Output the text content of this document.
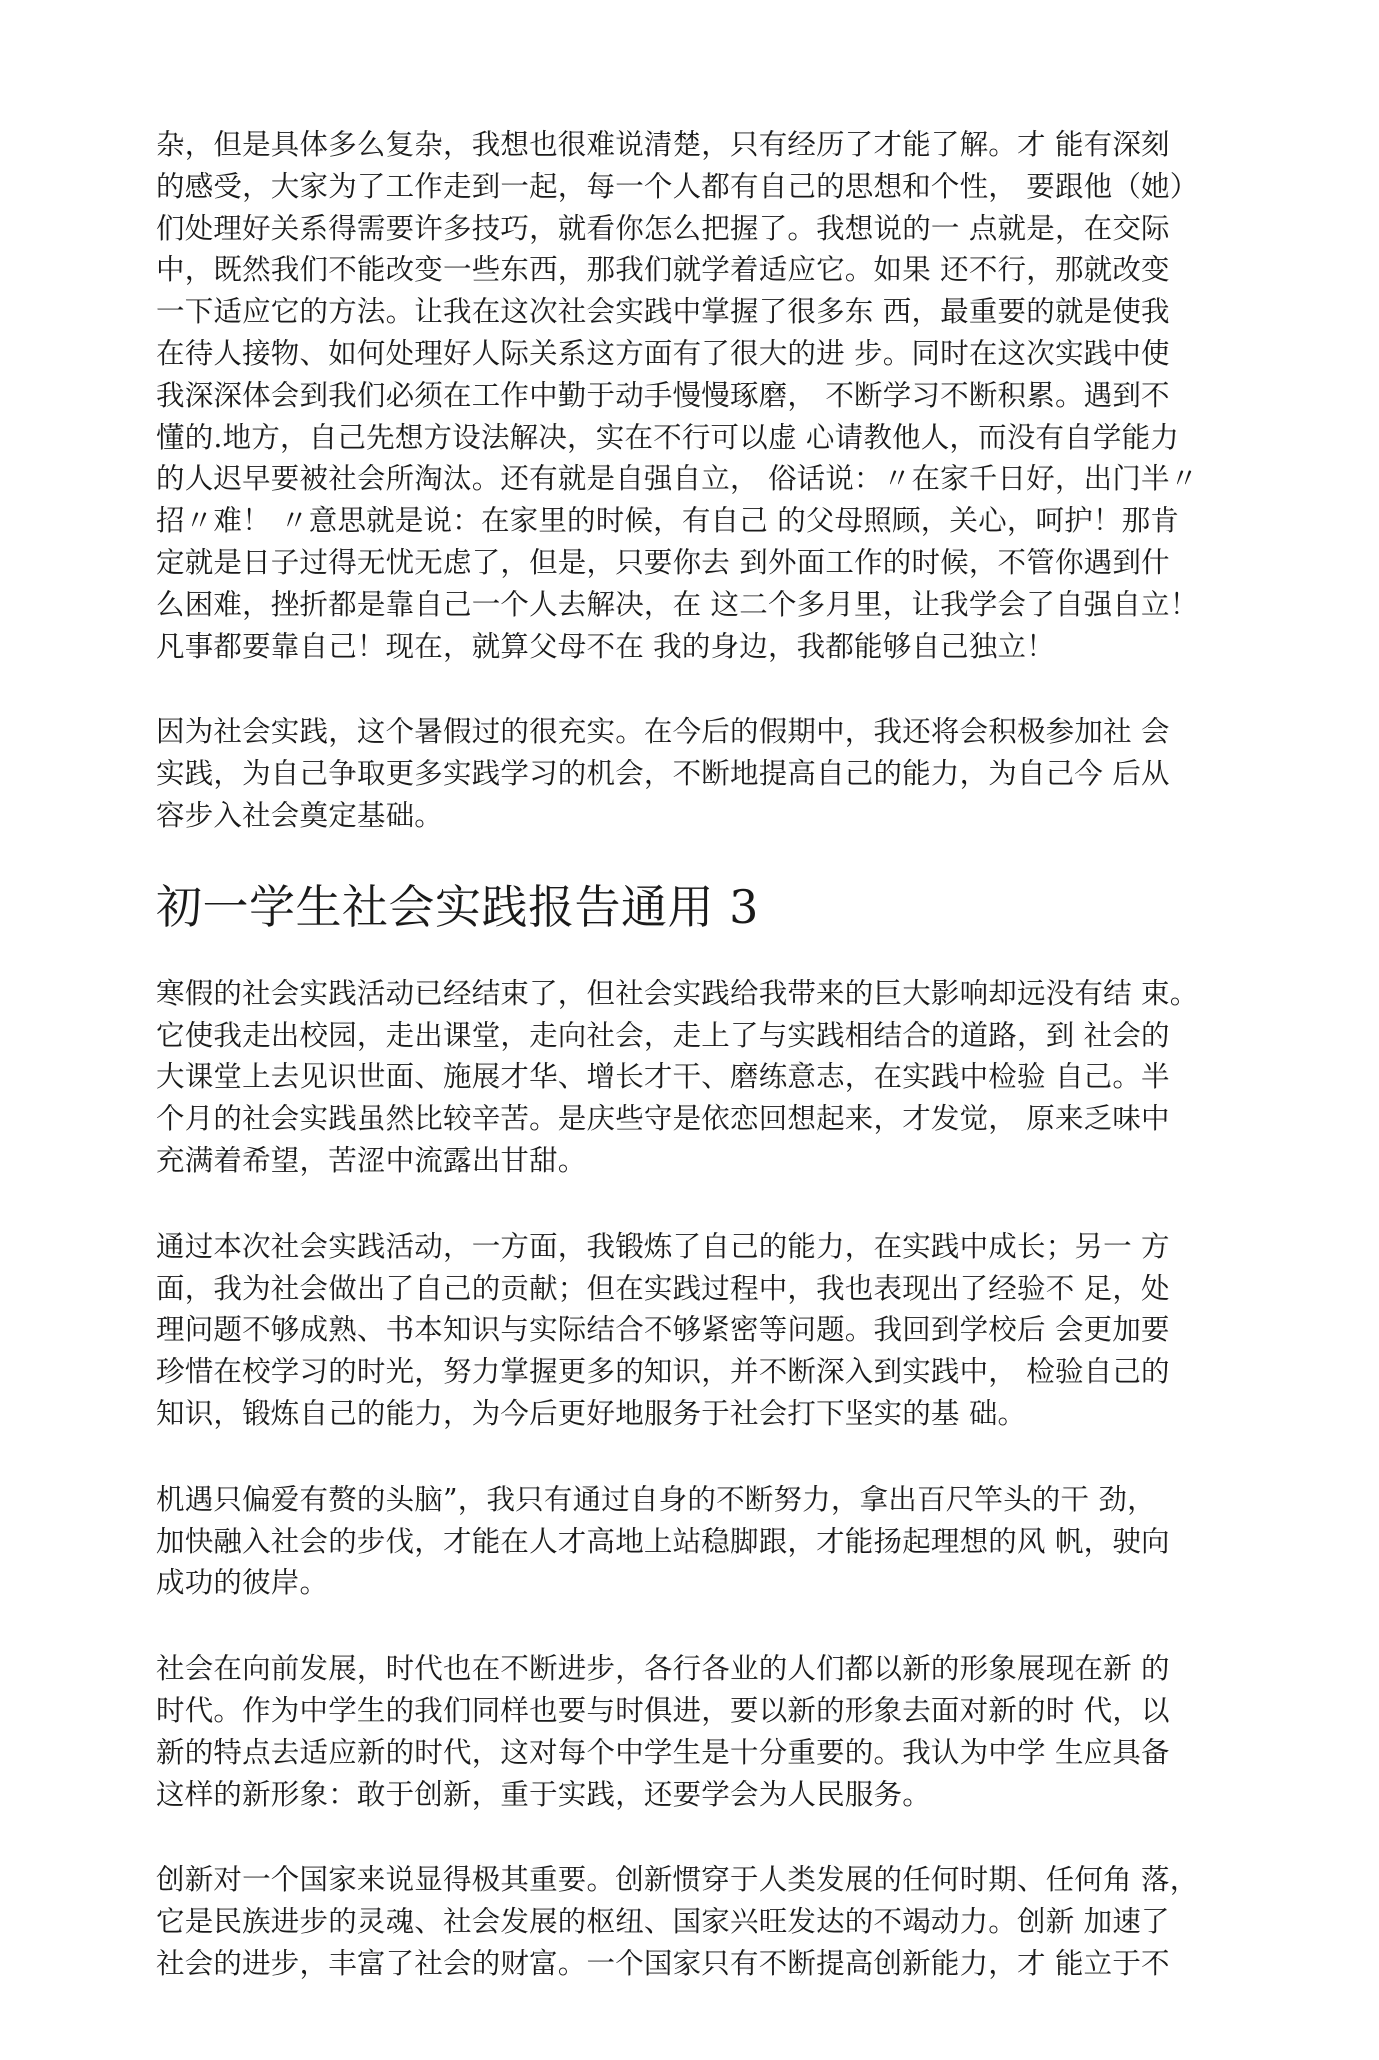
杂，但是具体多么复杂，我想也很难说清楚，只有经历了才能了解。才 能有深刻
的感受，大家为了工作走到一起，每一个人都有自己的思想和个性， 要跟他（她）
们处理好关系得需要许多技巧，就看你怎么把握了。我想说的一 点就是，在交际
中，既然我们不能改变一些东西，那我们就学着适应它。如果 还不行，那就改变
一下适应它的方法。让我在这次社会实践中掌握了很多东 西，最重要的就是使我
在待人接物、如何处理好人际关系这方面有了很大的进 步。同时在这次实践中使
我深深体会到我们必须在工作中勤于动手慢慢琢磨， 不断学习不断积累。遇到不
懂的.地方，自己先想方设法解决，实在不行可以虚 心请教他人，而没有自学能力
的人迟早要被社会所淘汰。还有就是自强自立， 俗话说：〃在家千日好，出门半〃
招〃难！ 〃意思就是说：在家里的时候，有自己 的父母照顾，关心，呵护！那肯
定就是日子过得无忧无虑了，但是，只要你去 到外面工作的时候，不管你遇到什
么困难，挫折都是靠自己一个人去解决，在 这二个多月里，让我学会了自强自立！
凡事都要靠自己！现在，就算父母不在 我的身边，我都能够自己独立！

因为社会实践，这个暑假过的很充实。在今后的假期中，我还将会积极参加社 会
实践，为自己争取更多实践学习的机会，不断地提高自己的能力，为自己今 后从
容步入社会奠定基础。

初一学生社会实践报告通用 3

寒假的社会实践活动已经结束了，但社会实践给我带来的巨大影响却远没有结 束。
它使我走出校园，走出课堂，走向社会，走上了与实践相结合的道路，到 社会的
大课堂上去见识世面、施展才华、增长才干、磨练意志，在实践中检验 自己。半
个月的社会实践虽然比较辛苦。是庆些守是依恋回想起来，才发觉， 原来乏味中
充满着希望，苦涩中流露出甘甜。

通过本次社会实践活动，一方面，我锻炼了自己的能力，在实践中成长；另一 方
面，我为社会做出了自己的贡献；但在实践过程中，我也表现出了经验不 足，处
理问题不够成熟、书本知识与实际结合不够紧密等问题。我回到学校后 会更加要
珍惜在校学习的时光，努力掌握更多的知识，并不断深入到实践中， 检验自己的
知识，锻炼自己的能力，为今后更好地服务于社会打下坚实的基 础。

机遇只偏爱有赘的头脑”，我只有通过自身的不断努力，拿出百尺竿头的干 劲，
加快融入社会的步伐，才能在人才高地上站稳脚跟，才能扬起理想的风 帆，驶向
成功的彼岸。

社会在向前发展，时代也在不断进步，各行各业的人们都以新的形象展现在新 的
时代。作为中学生的我们同样也要与时俱进，要以新的形象去面对新的时 代，以
新的特点去适应新的时代，这对每个中学生是十分重要的。我认为中学 生应具备
这样的新形象：敢于创新，重于实践，还要学会为人民服务。

创新对一个国家来说显得极其重要。创新惯穿于人类发展的任何时期、任何角 落，
它是民族进步的灵魂、社会发展的枢纽、国家兴旺发达的不竭动力。创新 加速了
社会的进步，丰富了社会的财富。一个国家只有不断提高创新能力，才 能立于不
